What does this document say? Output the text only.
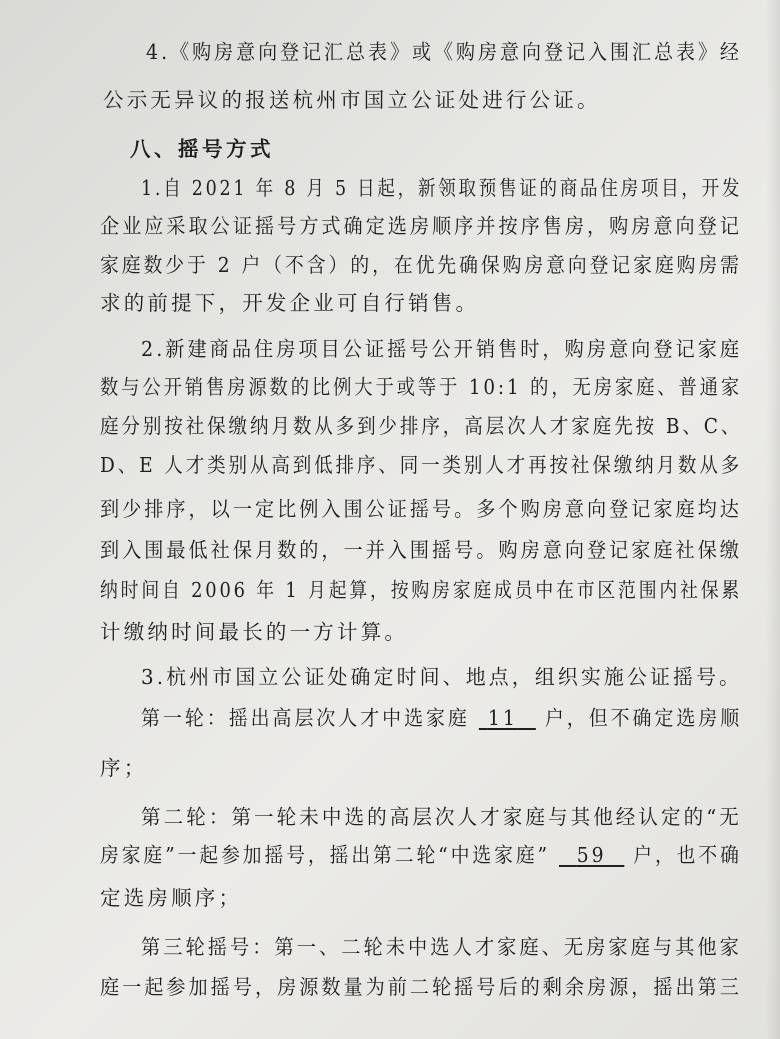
4.《购房意向登记汇总表》或《购房意向登记入围汇总表》经
公示无异议的报送杭州市国立公证处进行公证。
八、摇号方式
1.自 2021 年 8 月 5 日起，新领取预售证的商品住房项目，开发
企业应采取公证摇号方式确定选房顺序并按序售房，购房意向登记
家庭数少于 2 户（不含）的，在优先确保购房意向登记家庭购房需
求的前提下，开发企业可自行销售。
2.新建商品住房项目公证摇号公开销售时，购房意向登记家庭
数与公开销售房源数的比例大于或等于 10:1 的，无房家庭、普通家
庭分别按社保缴纳月数从多到少排序，高层次人才家庭先按 B、C、
D、E 人才类别从高到低排序、同一类别人才再按社保缴纳月数从多
到少排序，以一定比例入围公证摇号。多个购房意向登记家庭均达
到入围最低社保月数的，一并入围摇号。购房意向登记家庭社保缴
纳时间自 2006 年 1 月起算，按购房家庭成员中在市区范围内社保累
计缴纳时间最长的一方计算。
3.杭州市国立公证处确定时间、地点，组织实施公证摇号。
第一轮：摇出高层次人才中选家庭 11 户，但不确定选房顺
序；
第二轮：第一轮未中选的高层次人才家庭与其他经认定的“无
房家庭”一起参加摇号，摇出第二轮“中选家庭” 59 户，也不确
定选房顺序；
第三轮摇号：第一、二轮未中选人才家庭、无房家庭与其他家
庭一起参加摇号，房源数量为前二轮摇号后的剩余房源，摇出第三
